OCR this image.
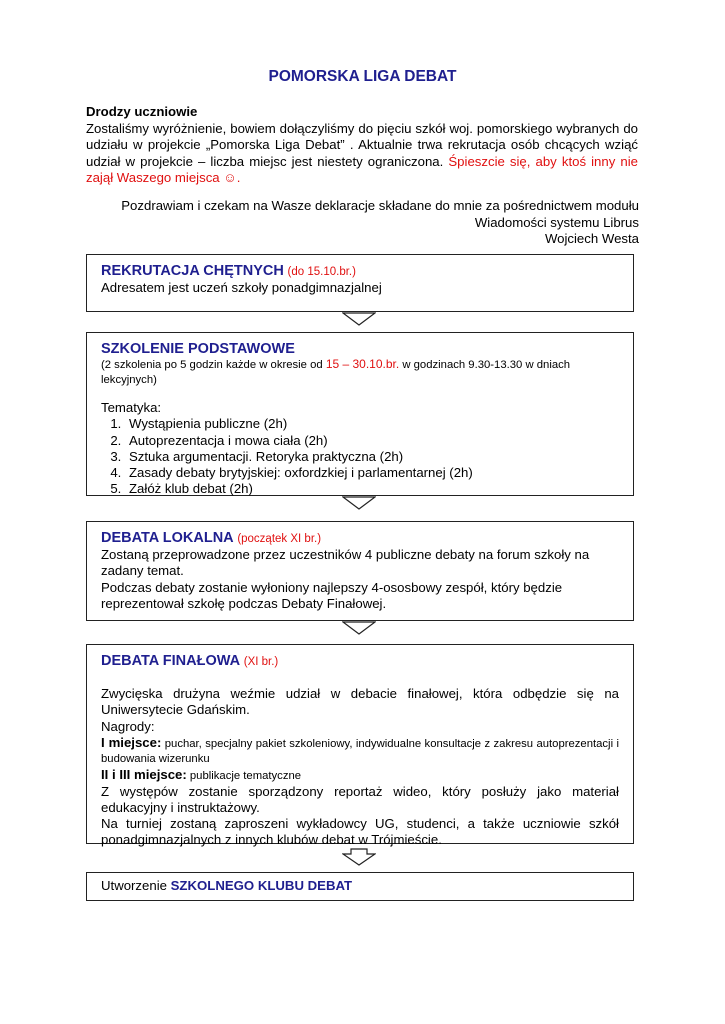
POMORSKA LIGA DEBAT

Drodzy uczniowie

Zostaliśmy wyróżnienie, bowiem dołączyliśmy do pięciu szkół woj. pomorskiego wybranych do udziału w projekcie „Pomorska Liga Debat” . Aktualnie trwa rekrutacja osób chcących wziąć udział w projekcie – liczba miejsc jest niestety ograniczona. Śpieszcie się, aby ktoś inny nie zajął Waszego miejsca ☺.

Pozdrawiam i czekam na Wasze deklaracje składane do mnie za pośrednictwem modułu
Wiadomości systemu Librus
Wojciech Westa
REKRUTACJA CHĘTNYCH (do 15.10.br.)
Adresatem jest uczeń szkoły ponadgimnazjalnej
SZKOLENIE PODSTAWOWE
(2 szkolenia po 5 godzin każde w okresie od 15 – 30.10.br. w godzinach 9.30-13.30 w dniach lekcyjnych)
Tematyka:
1. Wystąpienia publiczne (2h)
2. Autoprezentacja i mowa ciała (2h)
3. Sztuka argumentacji. Retoryka praktyczna (2h)
4. Zasady debaty brytyjskiej: oxfordzkiej i parlamentarnej (2h)
5. Załóż klub debat (2h)
DEBATA LOKALNA (początek XI br.)
Zostaną przeprowadzone przez uczestników 4 publiczne debaty na forum szkoły na zadany temat.
Podczas debaty zostanie wyłoniony najlepszy 4-ososbowy zespół, który będzie reprezentował szkołę podczas Debaty Finałowej.
DEBATA FINAŁOWA (XI br.)
Zwycięska drużyna weźmie udział w debacie finałowej, która odbędzie się na Uniwersytecie Gdańskim.
Nagrody:
I miejsce: puchar, specjalny pakiet szkoleniowy, indywidualne konsultacje z zakresu autoprezentacji i budowania wizerunku
II i III miejsce: publikacje tematyczne
Z występów zostanie sporządzony reportaż wideo, który posłuży jako materiał edukacyjny i instruktażowy.
Na turniej zostaną zaproszeni wykładowcy UG, studenci, a także uczniowie szkół ponadgimnazjalnych z innych klubów debat w Trójmieście.
Utworzenie SZKOLNEGO KLUBU DEBAT
